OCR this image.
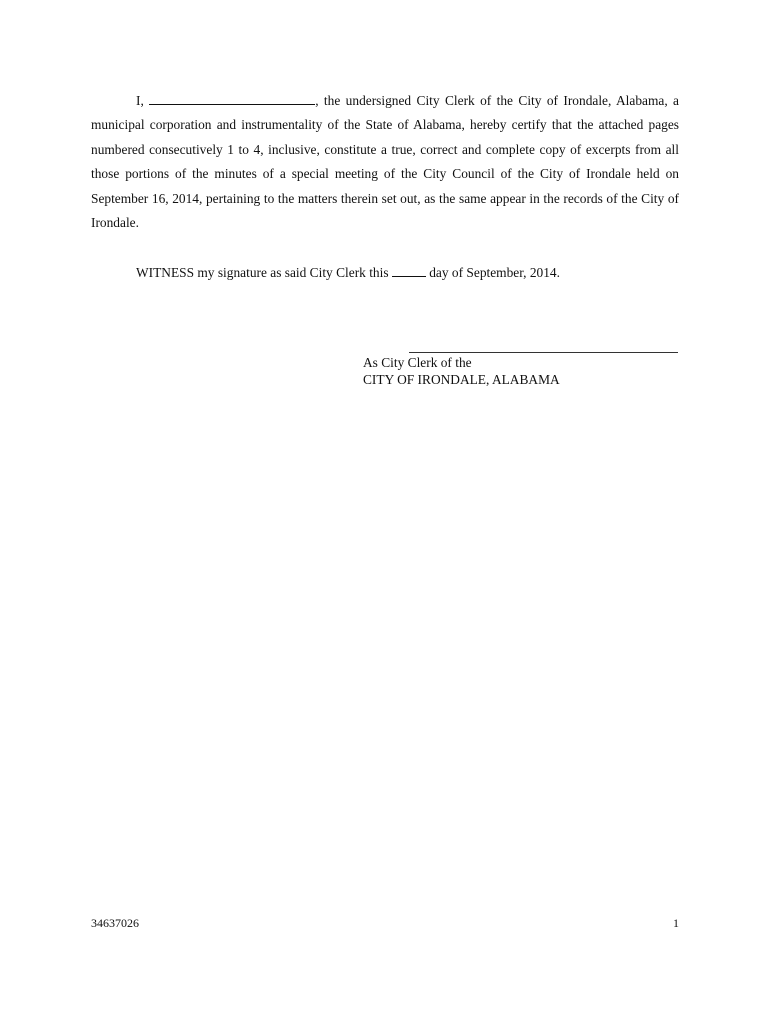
I,	, the undersigned City Clerk of the City of Irondale, Alabama, a municipal corporation and instrumentality of the State of Alabama, hereby certify that the attached pages numbered consecutively 1 to 4, inclusive, constitute a true, correct and complete copy of excerpts from all those portions of the minutes of a special meeting of the City Council of the City of Irondale held on September 16, 2014, pertaining to the matters therein set out, as the same appear in the records of the City of Irondale.

WITNESS my signature as said City Clerk this	day of September, 2014.

As City Clerk of the
CITY OF IRONDALE, ALABAMA
34637026	1
